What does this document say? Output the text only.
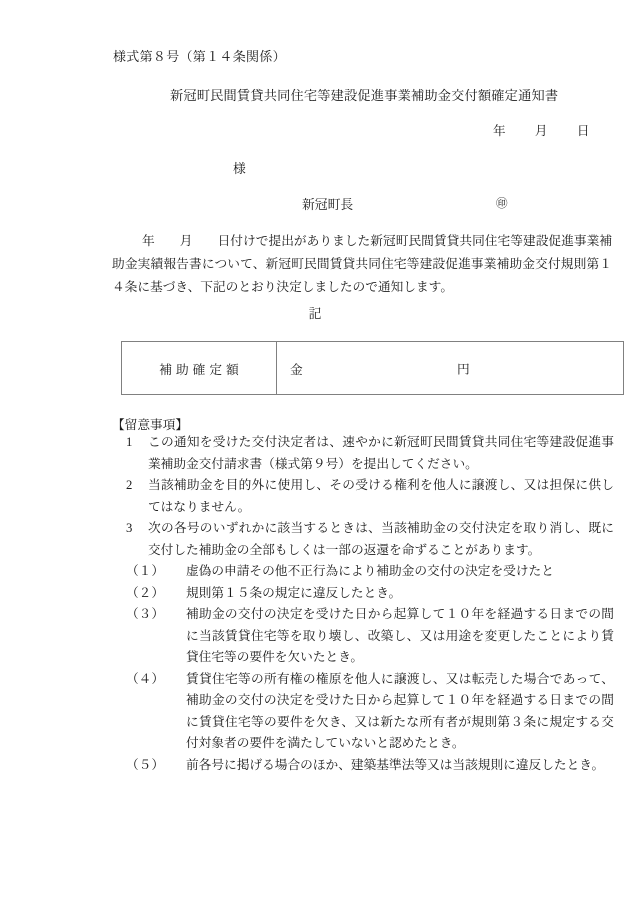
様式第８号（第１４条関係）
新冠町民間賃貸共同住宅等建設促進事業補助金交付額確定通知書
年 月 日
様
新冠町長	㊞
年 月 日付けで提出がありました新冠町民間賃貸共同住宅等建設促進事業補助金実績報告書について、新冠町民間賃貸共同住宅等建設促進事業補助金交付規則第１４条に基づき、下記のとおり決定しましたので通知します。
記
補助確定額	金	円
【留意事項】
1 この通知を受けた交付決定者は、速やかに新冠町民間賃貸共同住宅等建設促進事業補助金交付請求書（様式第９号）を提出してください。
2 当該補助金を目的外に使用し、その受ける権利を他人に譲渡し、又は担保に供してはなりません。
3 次の各号のいずれかに該当するときは、当該補助金の交付決定を取り消し、既に交付した補助金の全部もしくは一部の返還を命ずることがあります。
（１） 虚偽の申請その他不正行為により補助金の交付の決定を受けたと
（２） 規則第１５条の規定に違反したとき。
（３） 補助金の交付の決定を受けた日から起算して１０年を経過する日までの間に当該賃貸住宅等を取り壊し、改築し、又は用途を変更したことにより賃貸住宅等の要件を欠いたとき。
（４） 賃貸住宅等の所有権の権原を他人に譲渡し、又は転売した場合であって、補助金の交付の決定を受けた日から起算して１０年を経過する日までの間に賃貸住宅等の要件を欠き、又は新たな所有者が規則第３条に規定する交付対象者の要件を満たしていないと認めたとき。
（５） 前各号に掲げる場合のほか、建築基準法等又は当該規則に違反したとき。
